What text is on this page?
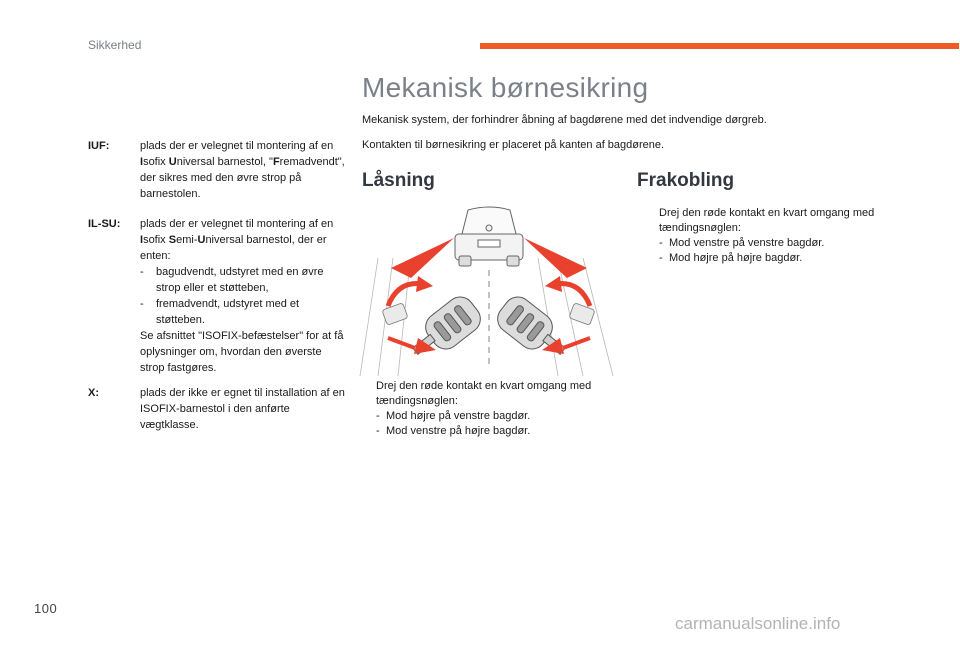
Sikkerhed
Mekanisk børnesikring
Mekanisk system, der forhindrer åbning af bagdørene med det indvendige dørgreb.
Kontakten til børnesikring er placeret på kanten af bagdørene.
IUF:	plads der er velegnet til montering af en Isofix Universal barnestol, "Fremadvendt", der sikres med den øvre strop på barnestolen.
IL-SU:	plads der er velegnet til montering af en Isofix Semi-Universal barnestol, der er enten:
-	bagudvendt, udstyret med en øvre strop eller et støtteben,
-	fremadvendt, udstyret med et støtteben.
Se afsnittet "ISOFIX-befæstelser" for at få oplysninger om, hvordan den øverste strop fastgøres.
X:	plads der ikke er egnet til installation af en ISOFIX-barnestol i den anførte vægtklasse.
Låsning	Frakobling
Drej den røde kontakt en kvart omgang med tændingsnøglen:
- Mod højre på venstre bagdør.
- Mod venstre på højre bagdør.
Drej den røde kontakt en kvart omgang med tændingsnøglen:
- Mod venstre på venstre bagdør.
- Mod højre på højre bagdør.
100
carmanualsonline.info
